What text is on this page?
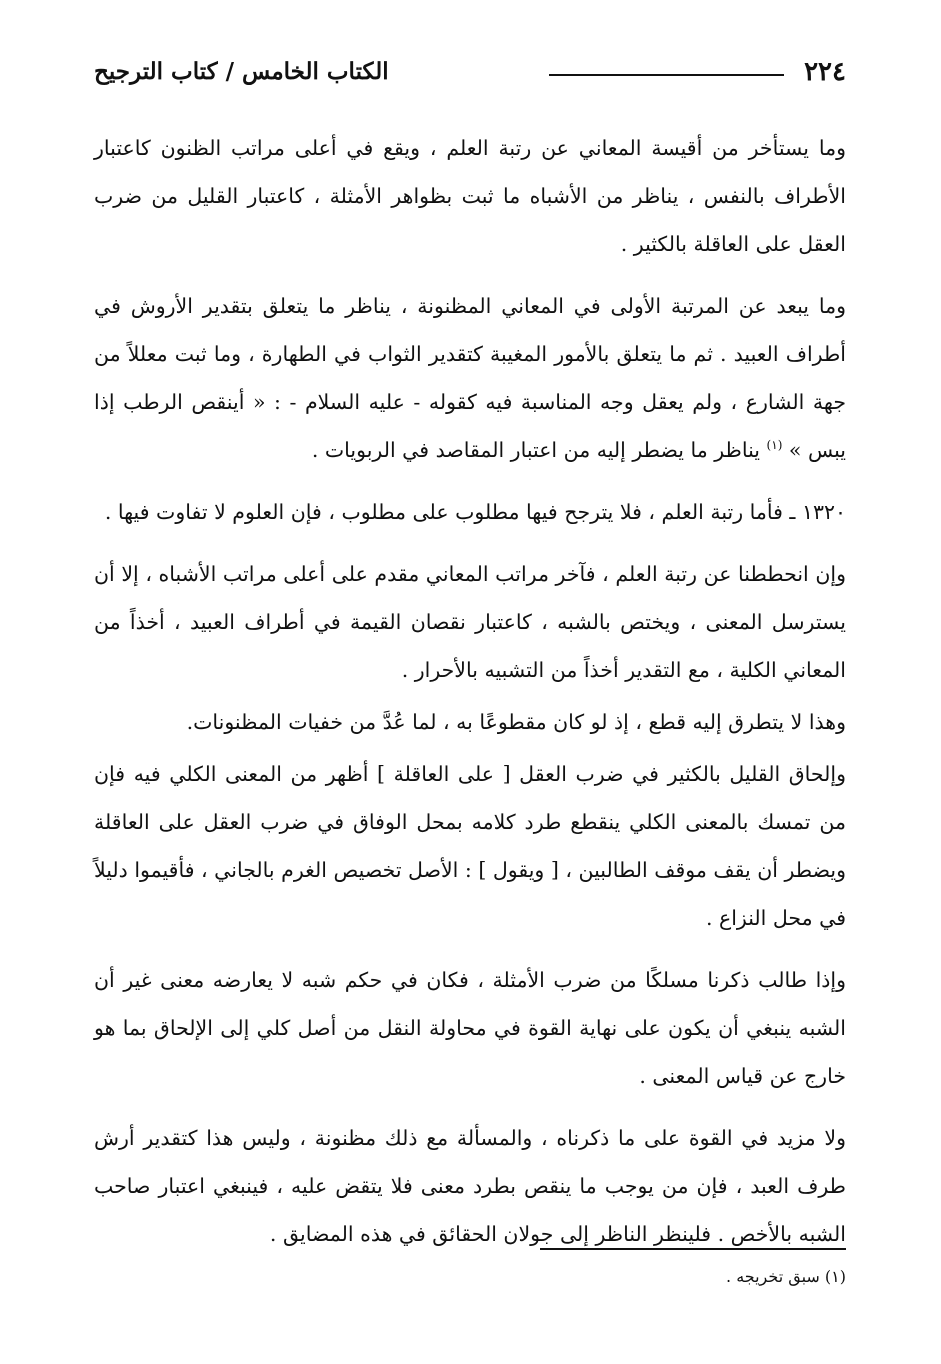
٢٢٤
الكتاب الخامس / كتاب الترجيح

وما يستأخر من أقيسة المعاني عن رتبة العلم ، ويقع في أعلى مراتب الظنون كاعتبار الأطراف بالنفس ، يناظر من الأشباه ما ثبت بظواهر الأمثلة ، كاعتبار القليل من ضرب العقل على العاقلة بالكثير .

وما يبعد عن المرتبة الأولى في المعاني المظنونة ، يناظر ما يتعلق بتقدير الأروش في أطراف العبيد . ثم ما يتعلق بالأمور المغيبة كتقدير الثواب في الطهارة ، وما ثبت معللاً من جهة الشارع ، ولم يعقل وجه المناسبة فيه كقوله - عليه السلام - : « أينقص الرطب إذا يبس » $^{(١)}$ يناظر ما يضطر إليه من اعتبار المقاصد في الربويات .

١٣٢٠ ـ فأما رتبة العلم ، فلا يترجح فيها مطلوب على مطلوب ، فإن العلوم لا تفاوت فيها .

وإن انحططنا عن رتبة العلم ، فآخر مراتب المعاني مقدم على أعلى مراتب الأشباه ، إلا أن يسترسل المعنى ، ويختص بالشبه ، كاعتبار نقصان القيمة في أطراف العبيد ، أخذاً من المعاني الكلية ، مع التقدير أخذاً من التشبيه بالأحرار .

وهذا لا يتطرق إليه قطع ، إذ لو كان مقطوعًا به ، لما عُدَّ من خفيات المظنونات.

وإلحاق القليل بالكثير في ضرب العقل [ على العاقلة ] أظهر من المعنى الكلي فيه فإن من تمسك بالمعنى الكلي ينقطع طرد كلامه بمحل الوفاق في ضرب العقل على العاقلة ويضطر أن يقف موقف الطالبين ، [ ويقول ] : الأصل تخصيص الغرم بالجاني ، فأقيموا دليلاً في محل النزاع .

وإذا طالب ذكرنا مسلكًا من ضرب الأمثلة ، فكان في حكم شبه لا يعارضه معنى غير أن الشبه ينبغي أن يكون على نهاية القوة في محاولة النقل من أصل كلي إلى الإلحاق بما هو خارج عن قياس المعنى .

ولا مزيد في القوة على ما ذكرناه ، والمسألة مع ذلك مظنونة ، وليس هذا كتقدير أرش طرف العبد ، فإن من يوجب ما ينقص بطرد معنى فلا يتقض عليه ، فينبغي اعتبار صاحب الشبه بالأخص . فلينظر الناظر إلى جولان الحقائق في هذه المضايق .

(١) سبق تخريجه .
